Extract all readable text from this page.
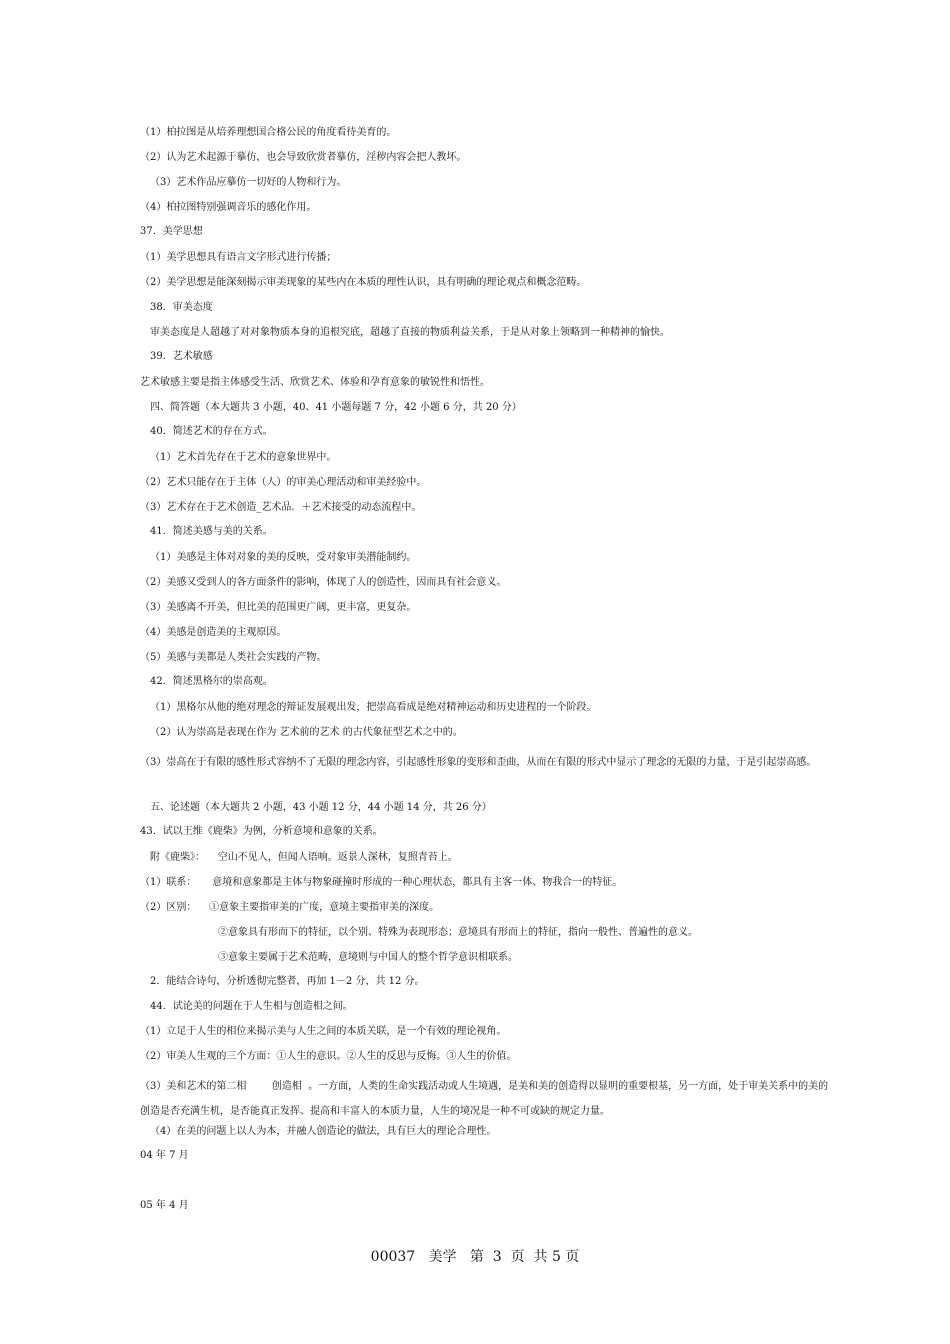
（1）柏拉图是从培养理想国合格公民的角度看待美育的。
（2）认为艺术起源于摹仿，也会导致欣赏者摹仿，淫秽内容会把人教坏。
（3）艺术作品应摹仿一切好的人物和行为。
（4）柏拉图特别强调音乐的感化作用。
37．美学思想
（1）美学思想具有语言文字形式进行传播；
（2）美学思想是能深刻揭示审美现象的某些内在本质的理性认识，具有明确的理论观点和概念范畴。
38．审美态度
审美态度是人超越了对对象物质本身的追根究底，超越了直接的物质利益关系，于是从对象上领略到一种精神的愉快。
39．艺术敏感
艺术敏感主要是指主体感受生活、欣赏艺术、体验和孕育意象的敏锐性和悟性。
四、简答题（本大题共 3 小题，40、41 小题每题 7 分，42 小题 6 分，共 20 分）
40．简述艺术的存在方式。
（1）艺术首先存在于艺术的意象世界中。
（2）艺术只能存在于主体（人）的审美心理活动和审美经验中。
（3）艺术存在于艺术创造_艺术品．＋艺术接受的动态流程中。
41．简述美感与美的关系。
（1）美感是主体对对象的美的反映，受对象审美潜能制约。
（2）美感又受到人的各方面条件的影响，体现了人的创造性，因而具有社会意义。
（3）美感离不开美，但比美的范围更广阔，更丰富，更复杂。
（4）美感是创造美的主观原因。
（5）美感与美都是人类社会实践的产物。
42．简述黑格尔的崇高观。
（1）黑格尔从他的绝对理念的辩证发展观出发，把崇高看成是绝对精神运动和历史进程的一个阶段。
（2）认为崇高是表现在作为 艺术前的艺术 的古代象征型艺术之中的。
（3）崇高在于有限的感性形式容纳不了无限的理念内容，引起感性形象的变形和歪曲，从而在有限的形式中显示了理念的无限的力量，于是引起崇高感。
五、论述题（本大题共 2 小题，43 小题 12 分，44 小题 14 分，共 26 分）
43．试以王维《鹿柴》为例，分析意境和意象的关系。
附《鹿柴》：    空山不见人，但闻人语响。返景人深林，复照青苔上。
（1）联系：     意境和意象都是主体与物象碰撞时形成的一种心理状态，都具有主客一体、物我合一的特征。
（2）区别：    ①意象主要指审美的广度，意境主要指审美的深度。
②意象具有形而下的特征，以个别、特殊为表现形态；意境具有形而上的特征，指向一般性、普遍性的意义。
③意象主要属于艺术范畴，意境则与中国人的整个哲学意识相联系。
2．能结合诗句，分析透彻完整者，再加 1－2 分，共 12 分。
44．试论美的问题在于人生相与创造相之间。
（1）立足于人生的相位来揭示美与人生之间的本质关联，是一个有效的理论视角。
（2）审美人生观的三个方面：①人生的意识。②人生的反思与反悔。③人生的价值。
（3）美和艺术的第二相        创造相  。一方面，人类的生命实践活动或人生境遇，是美和美的创造得以显明的重要根基，另一方面，处于审美关系中的美的创造是否充满生机，是否能真正发挥、提高和丰富人的本质力量，人生的境况是一种不可或缺的规定力量。
（4）在美的问题上以人为本，并融人创造论的做法，具有巨大的理论合理性。
04 年 7 月
05 年 4 月
00037   美学   第  3  页  共 5 页
